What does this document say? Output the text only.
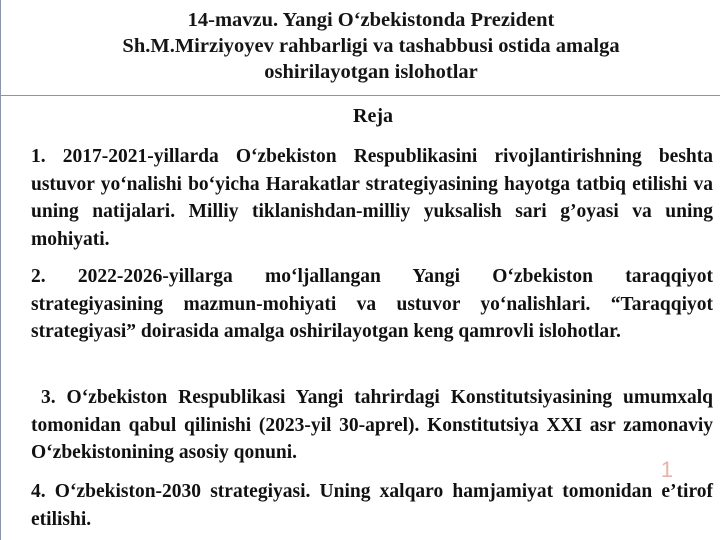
14-mavzu. Yangi O‘zbekistonda Prezident
Sh.M.Mirziyoyev rahbarligi va tashabbusi ostida amalga
oshirilayotgan islohotlar

Reja

1. 2017-2021-yillarda O‘zbekiston Respublikasini rivojlantirishning beshta ustuvor yo‘nalishi bo‘yicha Harakatlar strategiyasining hayotga tatbiq etilishi va uning natijalari. Milliy tiklanishdan-milliy yuksalish sari g’oyasi va uning mohiyati.

2. 2022-2026-yillarga mo‘ljallangan Yangi O‘zbekiston taraqqiyot strategiyasining mazmun-mohiyati va ustuvor yo‘nalishlari. “Taraqqiyot strategiyasi” doirasida amalga oshirilayotgan keng qamrovli islohotlar.

3. O‘zbekiston Respublikasi Yangi tahrirdagi Konstitutsiyasining umumxalq tomonidan qabul qilinishi (2023-yil 30-aprel). Konstitutsiya XXI asr zamonaviy O‘zbekistonining asosiy qonuni.

4. O‘zbekiston-2030 strategiyasi. Uning xalqaro hamjamiyat tomonidan e’tirof etilishi.

1
